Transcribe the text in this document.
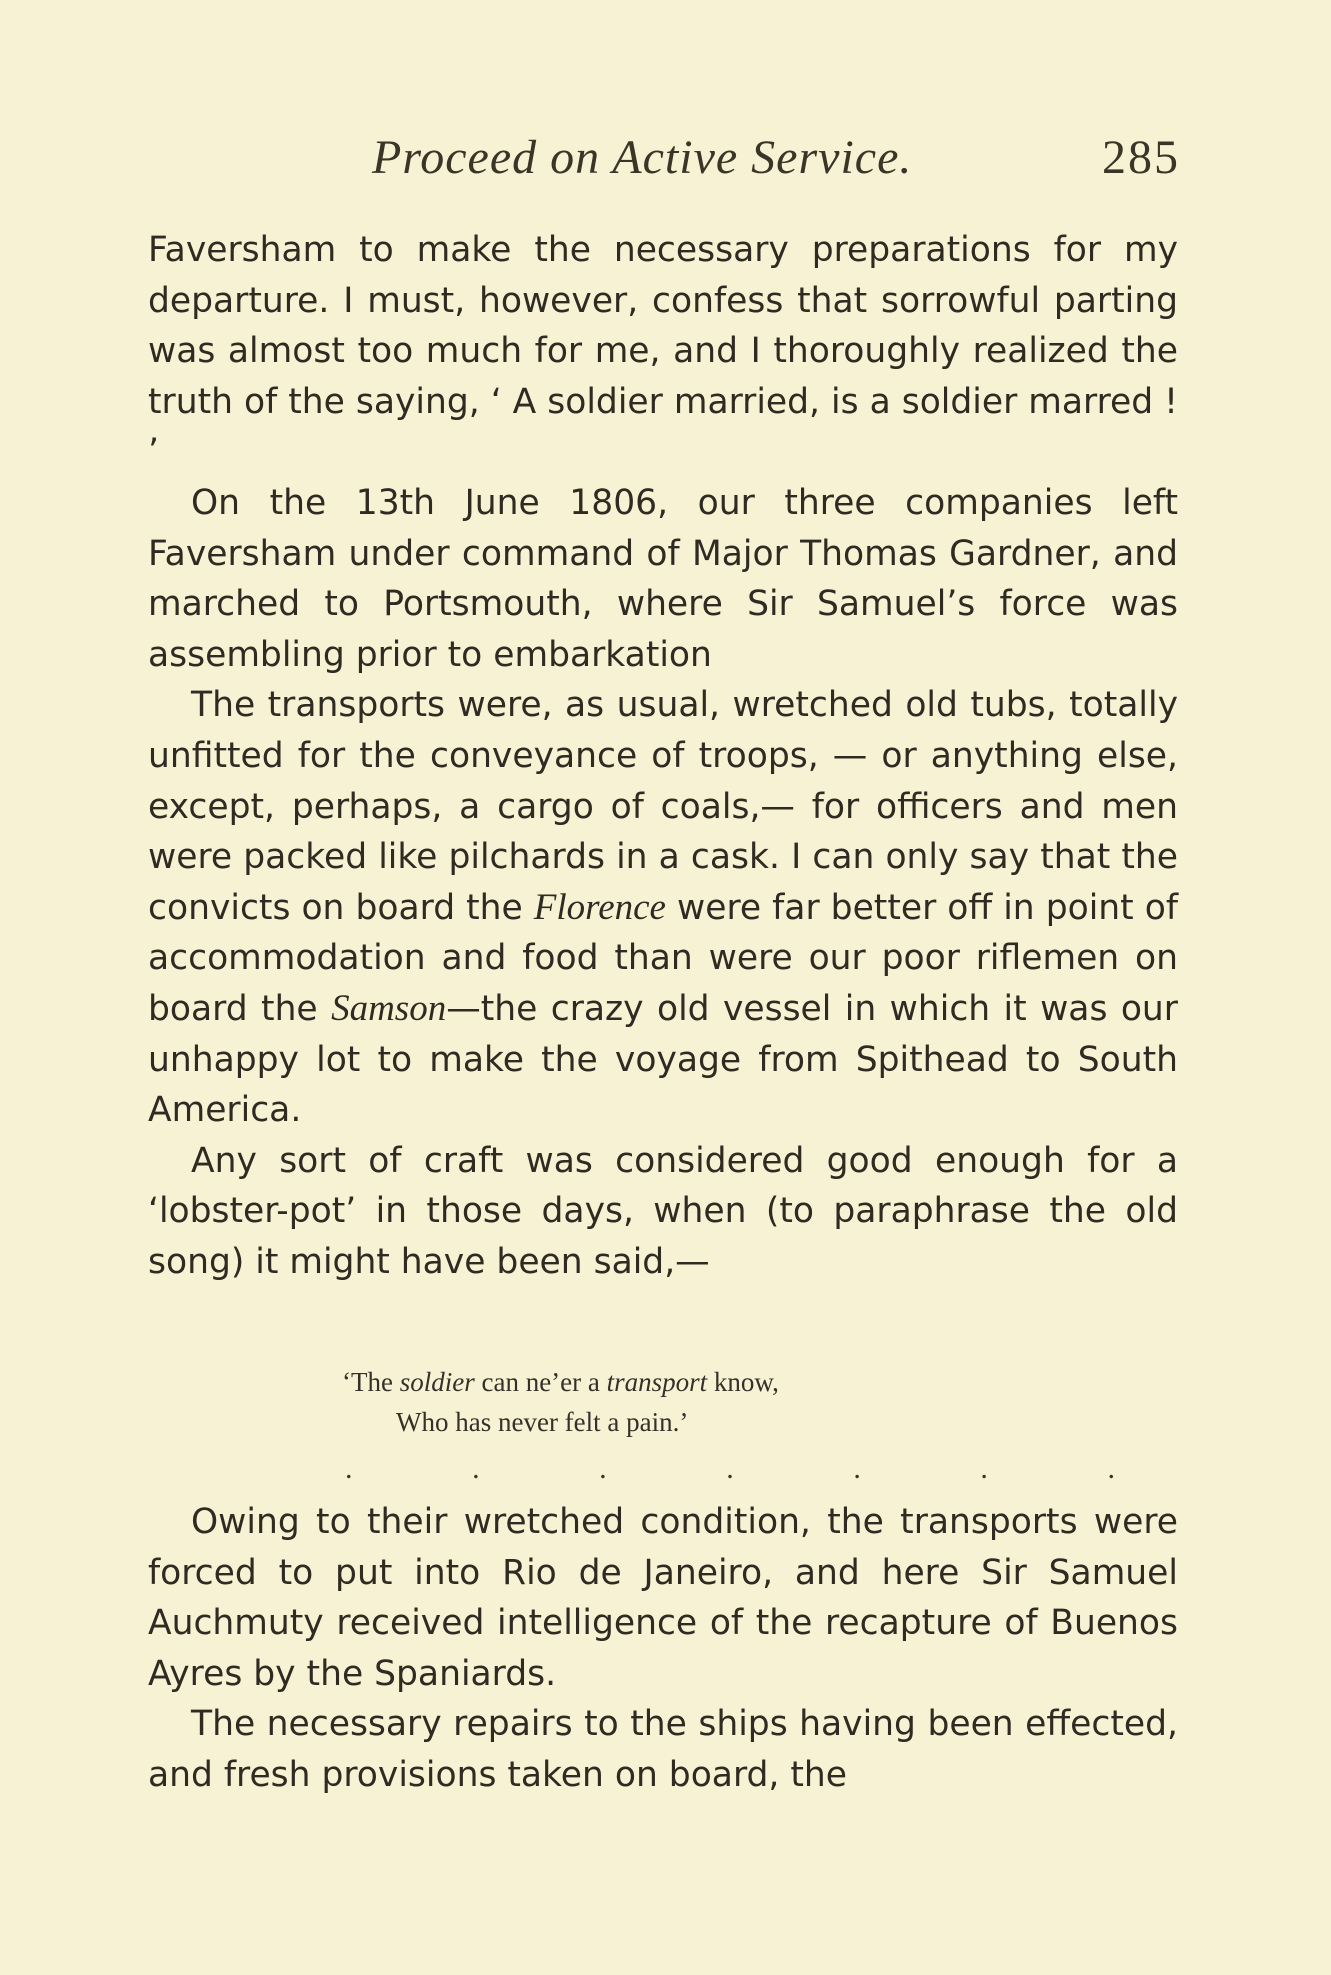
Proceed on Active Service.	285

Faversham to make the necessary preparations for my departure. I must, however, confess that sorrowful parting was almost too much for me, and I thoroughly realized the truth of the saying, ‘ A soldier married, is a soldier marred ! ’

On the 13th June 1806, our three companies left Faversham under command of Major Thomas Gardner, and marched to Portsmouth, where Sir Samuel’s force was assembling prior to embarkation

The transports were, as usual, wretched old tubs, totally unfitted for the conveyance of troops, — or anything else, except, perhaps, a cargo of coals,— for officers and men were packed like pilchards in a cask. I can only say that the convicts on board the Florence were far better off in point of accommodation and food than were our poor riflemen on board the Samson—the crazy old vessel in which it was our unhappy lot to make the voyage from Spithead to South America.

Any sort of craft was considered good enough for a ‘lobster-pot’ in those days, when (to paraphrase the old song) it might have been said,—

‘The soldier can ne’er a transport know,
Who has never felt a pain.’
.	.	.	.	.	.	.

Owing to their wretched condition, the transports were forced to put into Rio de Janeiro, and here Sir Samuel Auchmuty received intelligence of the recapture of Buenos Ayres by the Spaniards.

The necessary repairs to the ships having been effected, and fresh provisions taken on board, the
